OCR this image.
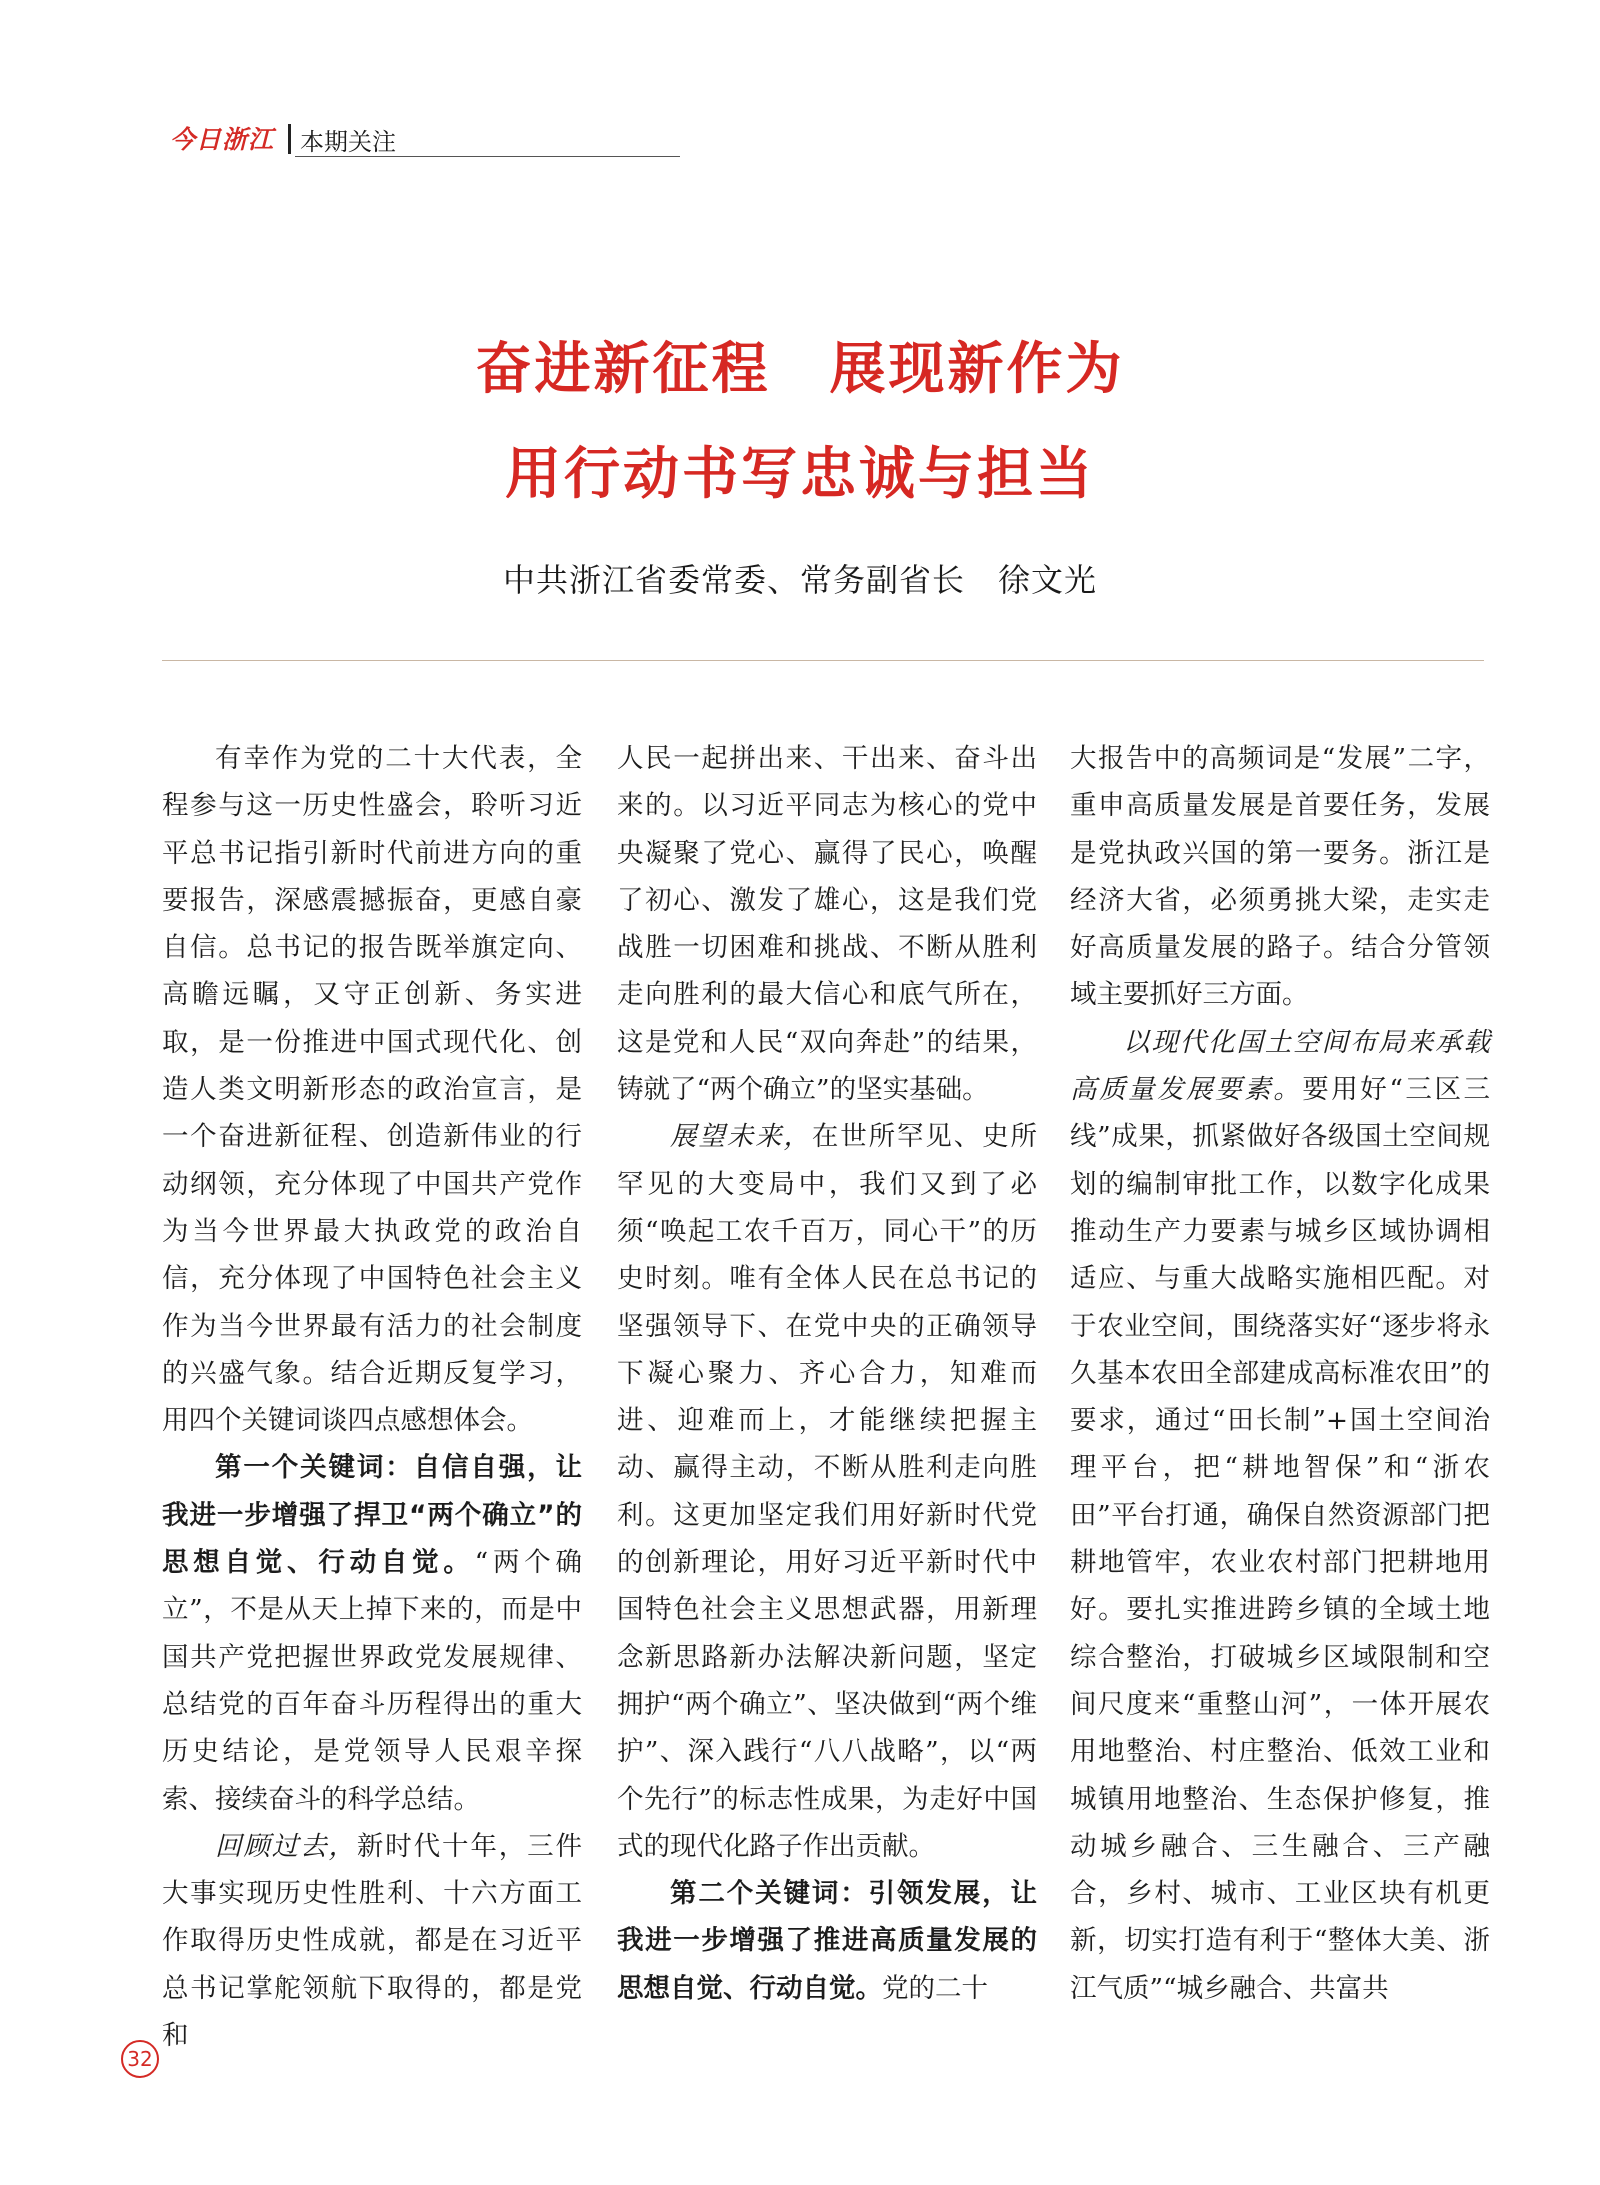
今日浙江 本期关注
奋进新征程　展现新作为
用行动书写忠诚与担当
中共浙江省委常委、常务副省长　徐文光

有幸作为党的二十大代表，全程参与这一历史性盛会，聆听习近平总书记指引新时代前进方向的重要报告，深感震撼振奋，更感自豪自信。总书记的报告既举旗定向、高瞻远瞩，又守正创新、务实进取，是一份推进中国式现代化、创造人类文明新形态的政治宣言，是一个奋进新征程、创造新伟业的行动纲领，充分体现了中国共产党作为当今世界最大执政党的政治自信，充分体现了中国特色社会主义作为当今世界最有活力的社会制度的兴盛气象。结合近期反复学习，用四个关键词谈四点感想体会。

第一个关键词：自信自强，让我进一步增强了捍卫“两个确立”的思想自觉、行动自觉。“两个确立”，不是从天上掉下来的，而是中国共产党把握世界政党发展规律、总结党的百年奋斗历程得出的重大历史结论，是党领导人民艰辛探索、接续奋斗的科学总结。

回顾过去，新时代十年，三件大事实现历史性胜利、十六方面工作取得历史性成就，都是在习近平总书记掌舵领航下取得的，都是党和

人民一起拼出来、干出来、奋斗出来的。以习近平同志为核心的党中央凝聚了党心、赢得了民心，唤醒了初心、激发了雄心，这是我们党战胜一切困难和挑战、不断从胜利走向胜利的最大信心和底气所在，这是党和人民“双向奔赴”的结果，铸就了“两个确立”的坚实基础。

展望未来，在世所罕见、史所罕见的大变局中，我们又到了必须“唤起工农千百万，同心干”的历史时刻。唯有全体人民在总书记的坚强领导下、在党中央的正确领导下凝心聚力、齐心合力，知难而进、迎难而上，才能继续把握主动、赢得主动，不断从胜利走向胜利。这更加坚定我们用好新时代党的创新理论，用好习近平新时代中国特色社会主义思想武器，用新理念新思路新办法解决新问题，坚定拥护“两个确立”、坚决做到“两个维护”、深入践行“八八战略”，以“两个先行”的标志性成果，为走好中国式的现代化路子作出贡献。

第二个关键词：引领发展，让我进一步增强了推进高质量发展的思想自觉、行动自觉。党的二十

大报告中的高频词是“发展”二字，重申高质量发展是首要任务，发展是党执政兴国的第一要务。浙江是经济大省，必须勇挑大梁，走实走好高质量发展的路子。结合分管领域主要抓好三方面。

以现代化国土空间布局来承载高质量发展要素。要用好“三区三线”成果，抓紧做好各级国土空间规划的编制审批工作，以数字化成果推动生产力要素与城乡区域协调相适应、与重大战略实施相匹配。对于农业空间，围绕落实好“逐步将永久基本农田全部建成高标准农田”的要求，通过“田长制”+国土空间治理平台，把“耕地智保”和“浙农田”平台打通，确保自然资源部门把耕地管牢，农业农村部门把耕地用好。要扎实推进跨乡镇的全域土地综合整治，打破城乡区域限制和空间尺度来“重整山河”，一体开展农用地整治、村庄整治、低效工业和城镇用地整治、生态保护修复，推动城乡融合、三生融合、三产融合，乡村、城市、工业区块有机更新，切实打造有利于“整体大美、浙江气质”“城乡融合、共富共

32
